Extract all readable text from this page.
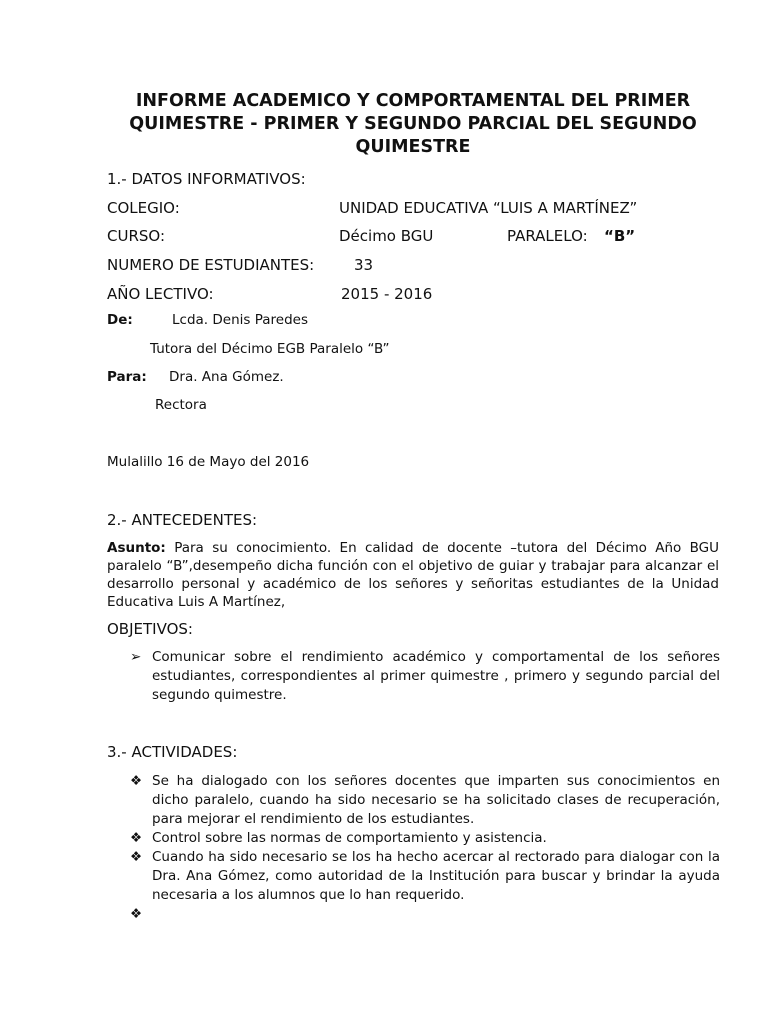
INFORME ACADEMICO Y COMPORTAMENTAL DEL PRIMER QUIMESTRE - PRIMER Y SEGUNDO PARCIAL DEL SEGUNDO QUIMESTRE
1.- DATOS INFORMATIVOS:
COLEGIO:	UNIDAD EDUCATIVA “LUIS A MARTÍNEZ”
CURSO:	Décimo BGU	PARALELO: “B”
NUMERO DE ESTUDIANTES:	33
AÑO LECTIVO:	2015 - 2016
De:	Lcda. Denis Paredes
Tutora del Décimo EGB Paralelo “B”
Para: Dra. Ana Gómez.
Rectora
Mulalillo 16 de Mayo del 2016
2.- ANTECEDENTES:
Asunto: Para su conocimiento. En calidad de docente –tutora del Décimo Año BGU paralelo “B”,desempeño dicha función con el objetivo de guiar y trabajar para alcanzar el desarrollo personal y académico de los señores y señoritas estudiantes de la Unidad Educativa Luis A Martínez,
OBJETIVOS:
➢ Comunicar sobre el rendimiento académico y comportamental de los señores estudiantes, correspondientes al primer quimestre , primero y segundo parcial del segundo quimestre.
3.- ACTIVIDADES:
❖ Se ha dialogado con los señores docentes que imparten sus conocimientos en dicho paralelo, cuando ha sido necesario se ha solicitado clases de recuperación, para mejorar el rendimiento de los estudiantes.
❖ Control sobre las normas de comportamiento y asistencia.
❖ Cuando ha sido necesario se los ha hecho acercar al rectorado para dialogar con la Dra. Ana Gómez, como autoridad de la Institución para buscar y brindar la ayuda necesaria a los alumnos que lo han requerido.
❖
